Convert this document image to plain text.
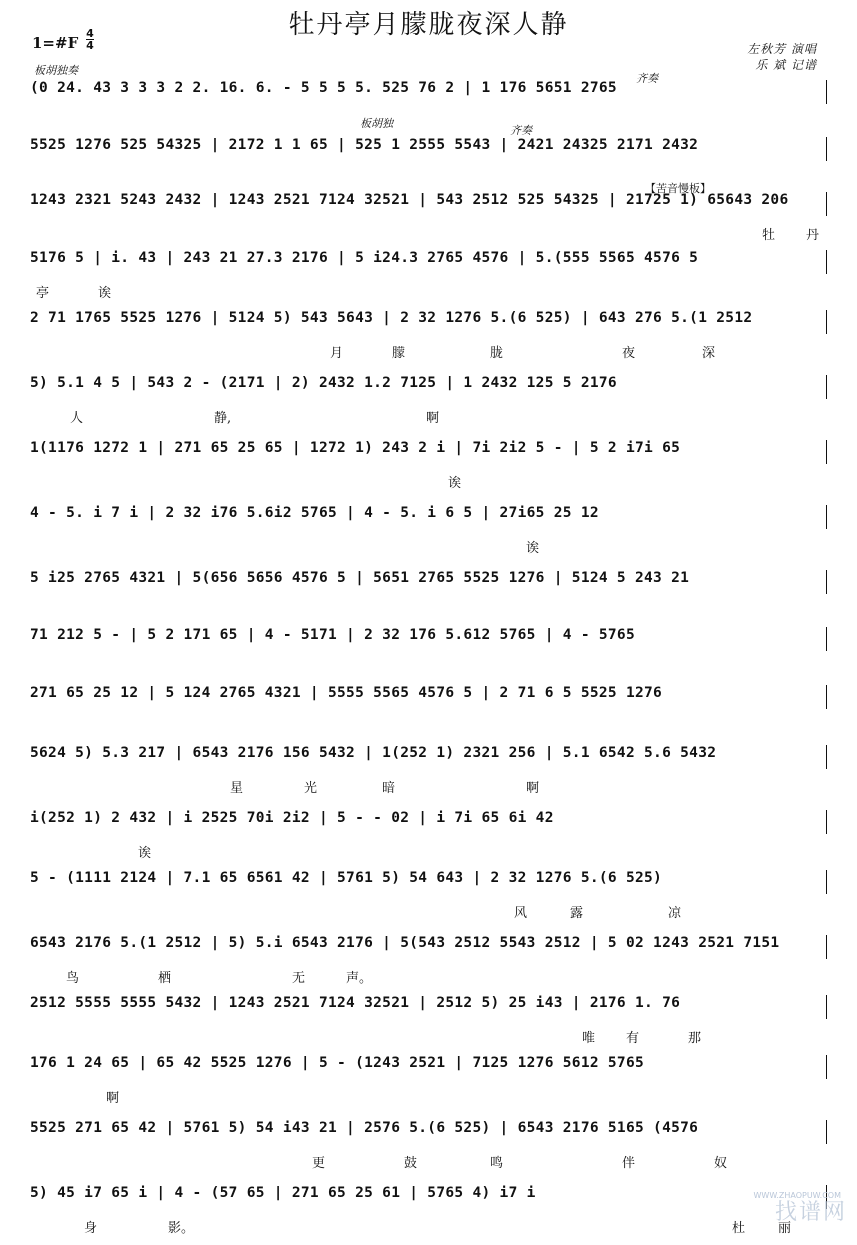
牡丹亭月朦胧夜深人静
1=#F
4
4	左秋芳 演唱
乐 斌 记谱
板胡独奏
齐奏
板胡独
齐奏
【苦音慢板】
(0 24. 43 3 3 3 2 2. 16. 6. - 5 5 5 5. 525 76 2 | 1 176 5651 2765
5525 1276 525 54325 | 2172 1 1 65 | 525 1 2555 5543 | 2421 24325 2171 2432
1243 2321 5243 2432 | 1243 2521 7124 32521 | 543 2512 525 54325 | 21725 1) 65643 206
牡 丹
5176 5 | i. 43 | 243 21 27.3 2176 | 5 i24.3 2765 4576 | 5.(555 5565 4576 5
亭	诶
2 71 1765 5525 1276 | 5124 5) 543 5643 | 2 32 1276 5.(6 525) | 643 276 5.(1 2512
月	朦	胧	夜	深
5) 5.1 4 5 | 543 2 - (2171 | 2) 2432 1.2 7125 | 1 2432 125 5 2176
人	静,	啊
1(1176 1272 1 | 271 65 25 65 | 1272 1) 243 2 i | 7i 2i2 5 - | 5 2 i7i 65
诶
4 - 5. i 7 i | 2 32 i76 5.6i2 5765 | 4 - 5. i 6 5 | 27i65 25 12
诶
5 i25 2765 4321 | 5(656 5656 4576 5 | 5651 2765 5525 1276 | 5124 5 243 21
71 212 5 - | 5 2 171 65 | 4 - 5171 | 2 32 176 5.612 5765 | 4 - 5765
271 65 25 12 | 5 124 2765 4321 | 5555 5565 4576 5 | 2 71 6 5 5525 1276
5624 5) 5.3 217 | 6543 2176 156 5432 | 1(252 1) 2321 256 | 5.1 6542 5.6 5432
星	光	暗	啊
i(252 1) 2 432 | i 2525 70i 2i2 | 5 - - 02 | i 7i 65 6i 42
诶
5 - (1111 2124 | 7.1 65 6561 42 | 5761 5) 54 643 | 2 32 1276 5.(6 525)
风	露	凉
6543 2176 5.(1 2512 | 5) 5.i 6543 2176 | 5(543 2512 5543 2512 | 5 02 1243 2521 7151
鸟	栖	无	声。
2512 5555 5555 5432 | 1243 2521 7124 32521 | 2512 5) 25 i43 | 2176 1. 76
唯 有	那
176 1 24 65 | 65 42 5525 1276 | 5 - (1243 2521 | 7125 1276 5612 5765
啊
5525 271 65 42 | 5761 5) 54 i43 21 | 2576 5.(6 525) | 6543 2176 5165 (4576
更	鼓	鸣	伴	奴
5) 45 i7 65 i | 4 - (57 65 | 271 65 25 61 | 5765 4) i7 i
身	影。	杜	丽
WWW.ZHAOPUW.COM
找谱网
